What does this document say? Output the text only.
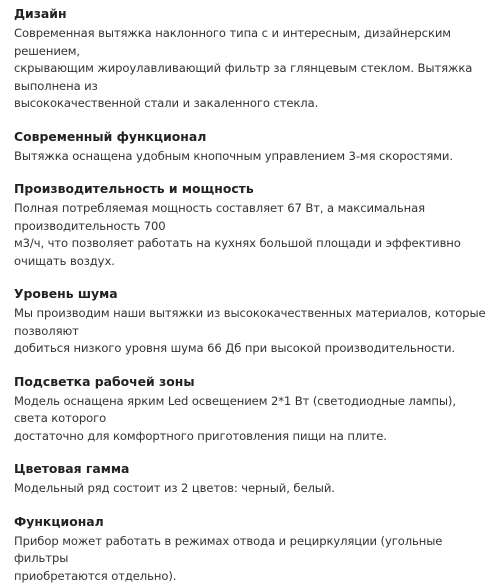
Дизайн
Современная вытяжка наклонного типа с и интересным, дизайнерским решением,
скрывающим жироулавливающий фильтр за глянцевым стеклом. Вытяжка выполнена из
высококачественной стали и закаленного стекла.
Современный функционал
Вытяжка оснащена удобным кнопочным управлением 3-мя скоростями.
Производительность и мощность
Полная потребляемая мощность составляет 67 Вт, а максимальная производительность 700
м3/ч, что позволяет работать на кухнях большой площади и эффективно очищать воздух.
Уровень шума
Мы производим наши вытяжки из высококачественных материалов, которые позволяют
добиться низкого уровня шума 66 Дб при высокой производительности.
Подсветка рабочей зоны
Модель оснащена ярким Led освещением 2*1 Вт (светодиодные лампы), света которого
достаточно для комфортного приготовления пищи на плите.
Цветовая гамма
Модельный ряд состоит из 2 цветов: черный, белый.
Функционал
Прибор может работать в режимах отвода и рециркуляции (угольные фильтры
приобретаются отдельно).
